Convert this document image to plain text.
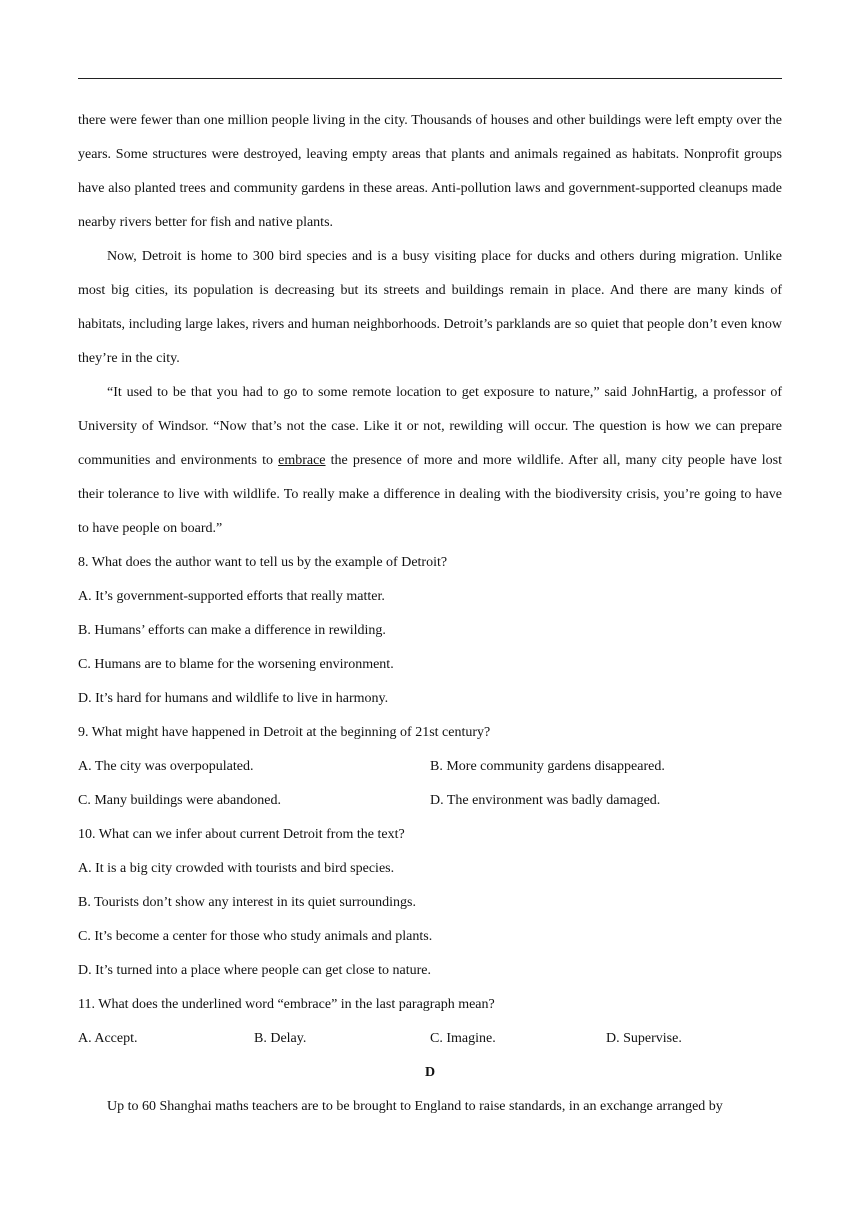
there were fewer than one million people living in the city. Thousands of houses and other buildings were left empty over the years. Some structures were destroyed, leaving empty areas that plants and animals regained as habitats. Nonprofit groups have also planted trees and community gardens in these areas. Anti-pollution laws and government-supported cleanups made nearby rivers better for fish and native plants.

Now, Detroit is home to 300 bird species and is a busy visiting place for ducks and others during migration. Unlike most big cities, its population is decreasing but its streets and buildings remain in place. And there are many kinds of habitats, including large lakes, rivers and human neighborhoods. Detroit’s parklands are so quiet that people don’t even know they’re in the city.

“It used to be that you had to go to some remote location to get exposure to nature,” said JohnHartig, a professor of University of Windsor. “Now that’s not the case. Like it or not, rewilding will occur. The question is how we can prepare communities and environments to embrace the presence of more and more wildlife. After all, many city people have lost their tolerance to live with wildlife. To really make a difference in dealing with the biodiversity crisis, you’re going to have to have people on board.”

8. What does the author want to tell us by the example of Detroit?

A. It’s government-supported efforts that really matter.

B. Humans’ efforts can make a difference in rewilding.

C. Humans are to blame for the worsening environment.

D. It’s hard for humans and wildlife to live in harmony.

9. What might have happened in Detroit at the beginning of 21st century?

A. The city was overpopulated.	B. More community gardens disappeared.
C. Many buildings were abandoned.	D. The environment was badly damaged.

10. What can we infer about current Detroit from the text?

A. It is a big city crowded with tourists and bird species.

B. Tourists don’t show any interest in its quiet surroundings.

C. It’s become a center for those who study animals and plants.

D. It’s turned into a place where people can get close to nature.

11. What does the underlined word “embrace” in the last paragraph mean?

A. Accept.	B. Delay.	C. Imagine.	D. Supervise.

D

Up to 60 Shanghai maths teachers are to be brought to England to raise standards, in an exchange arranged by
